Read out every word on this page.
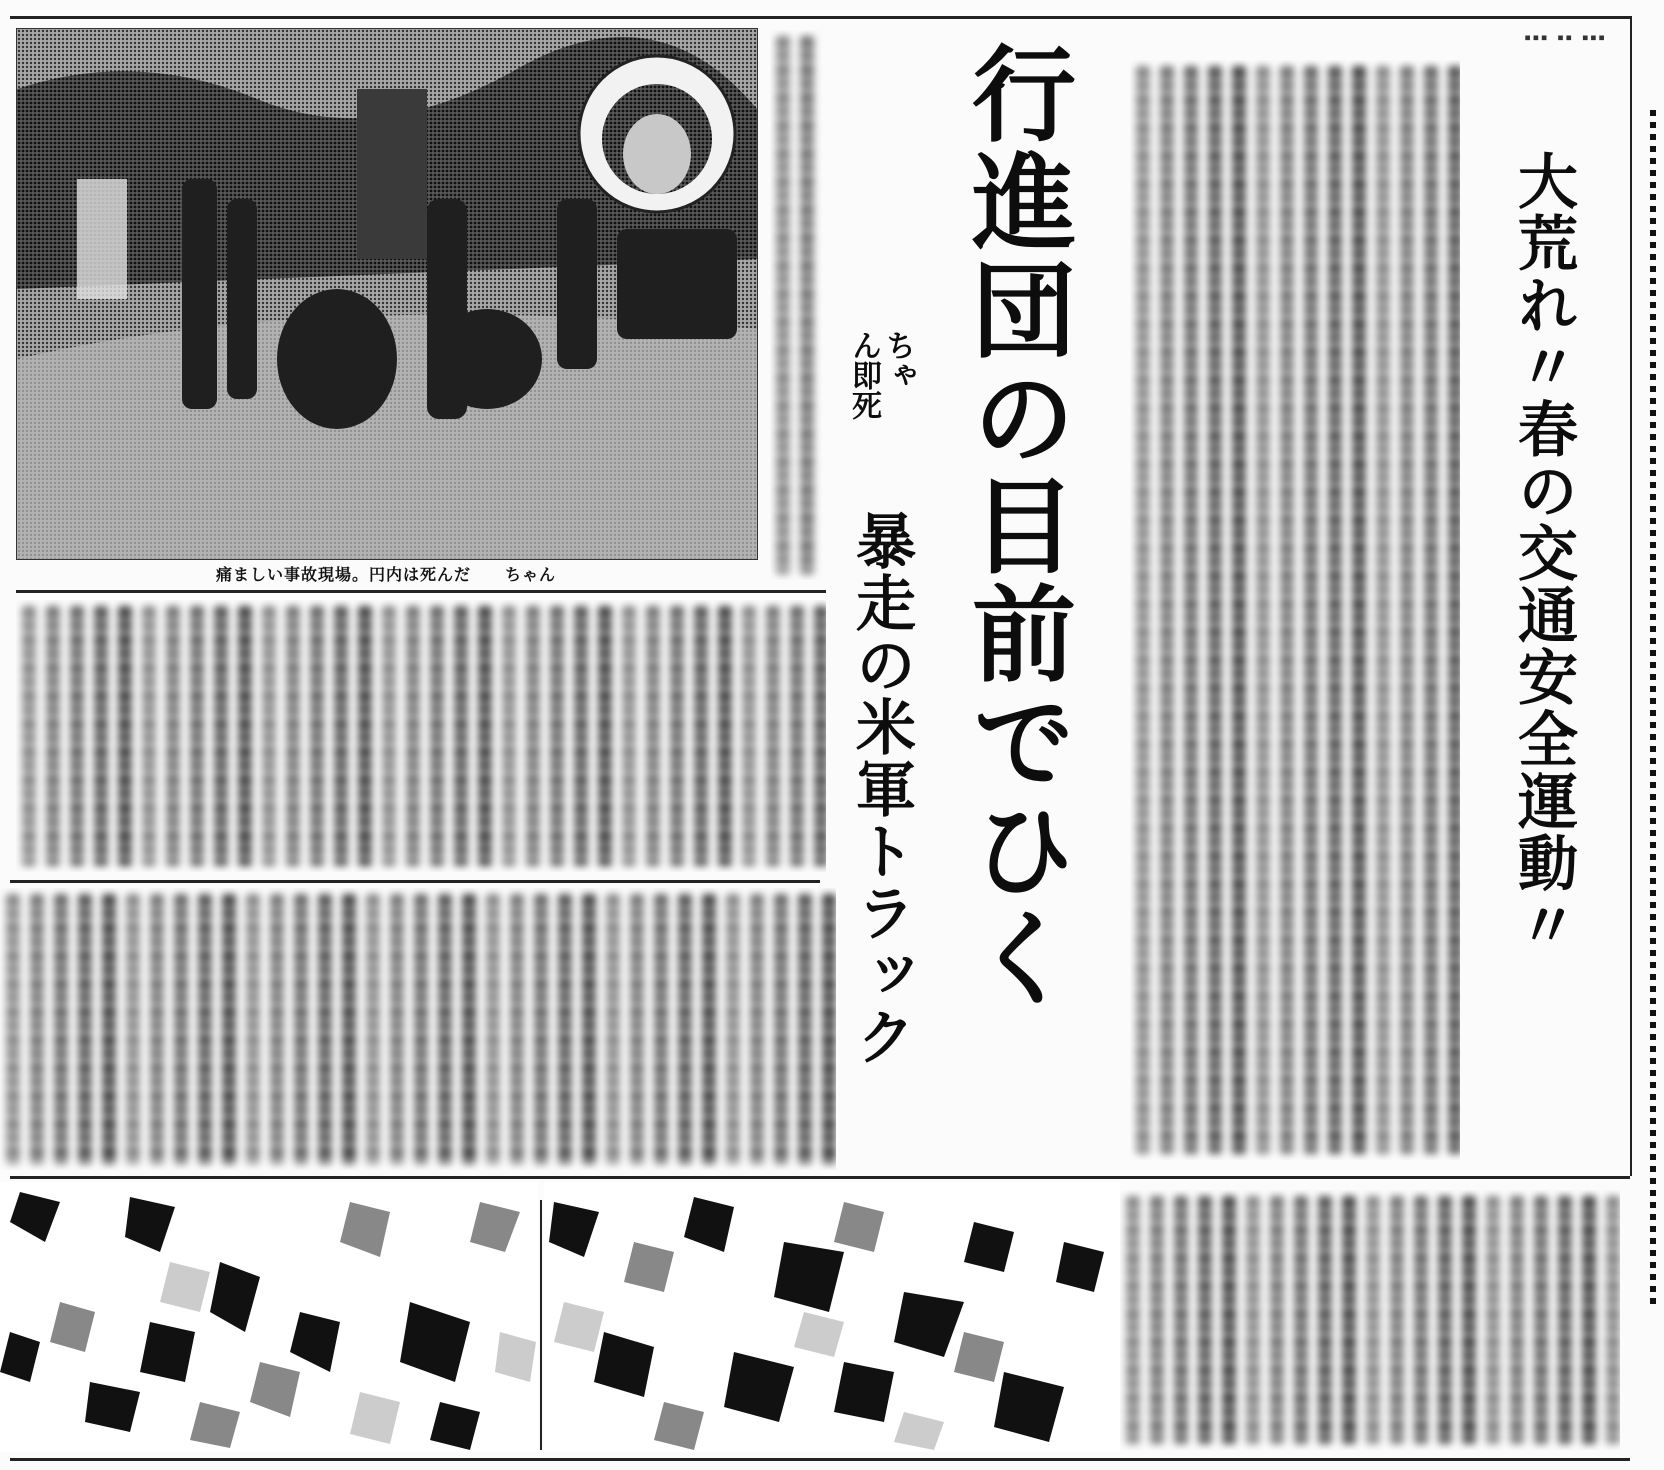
▪▪▪ ▪▪ ▪▪▪
痛ましい事故現場。円内は死んだ　　ちゃん	大荒れ〃春の交通安全運動〃
行進団の目前でひく
ちゃ
ん即死
暴走の米軍トラック
